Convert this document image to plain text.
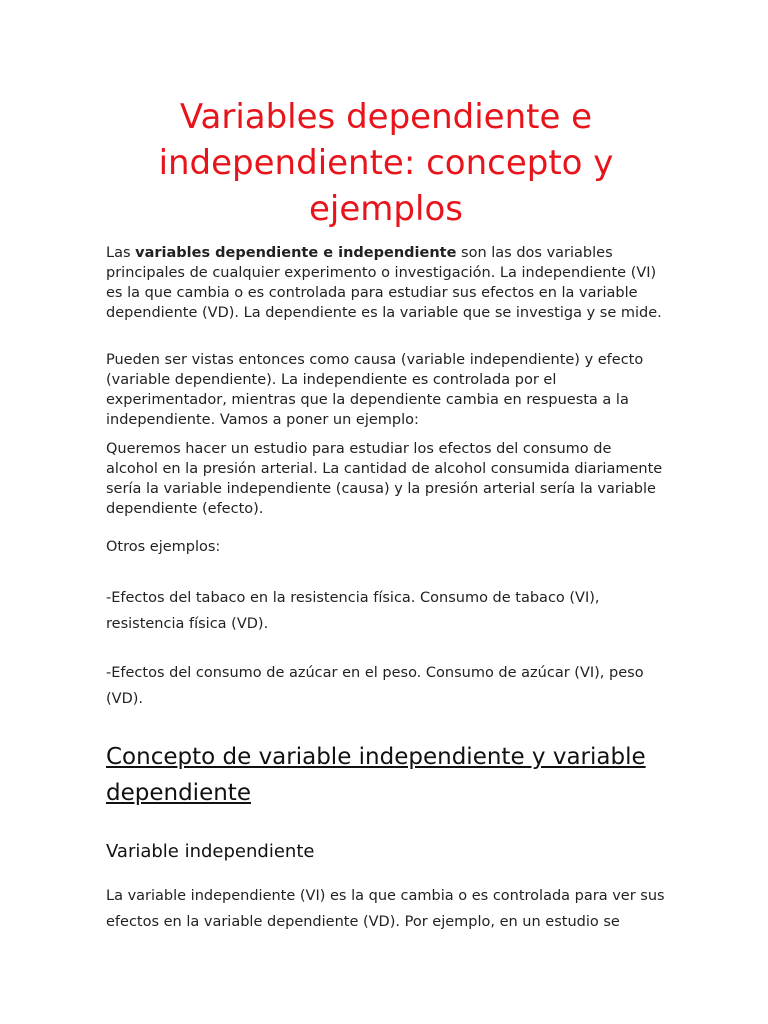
Variables dependiente e independiente: concepto y ejemplos

Las variables dependiente e independiente son las dos variables principales de cualquier experimento o investigación. La independiente (VI) es la que cambia o es controlada para estudiar sus efectos en la variable dependiente (VD). La dependiente es la variable que se investiga y se mide.

Pueden ser vistas entonces como causa (variable independiente) y efecto (variable dependiente). La independiente es controlada por el experimentador, mientras que la dependiente cambia en respuesta a la independiente. Vamos a poner un ejemplo:

Queremos hacer un estudio para estudiar los efectos del consumo de alcohol en la presión arterial. La cantidad de alcohol consumida diariamente sería la variable independiente (causa) y la presión arterial sería la variable dependiente (efecto).

Otros ejemplos:

-Efectos del tabaco en la resistencia física. Consumo de tabaco (VI), resistencia física (VD).

-Efectos del consumo de azúcar en el peso. Consumo de azúcar (VI), peso (VD).

Concepto de variable independiente y variable dependiente
Variable independiente

La variable independiente (VI) es la que cambia o es controlada para ver sus efectos en la variable dependiente (VD). Por ejemplo, en un estudio se
